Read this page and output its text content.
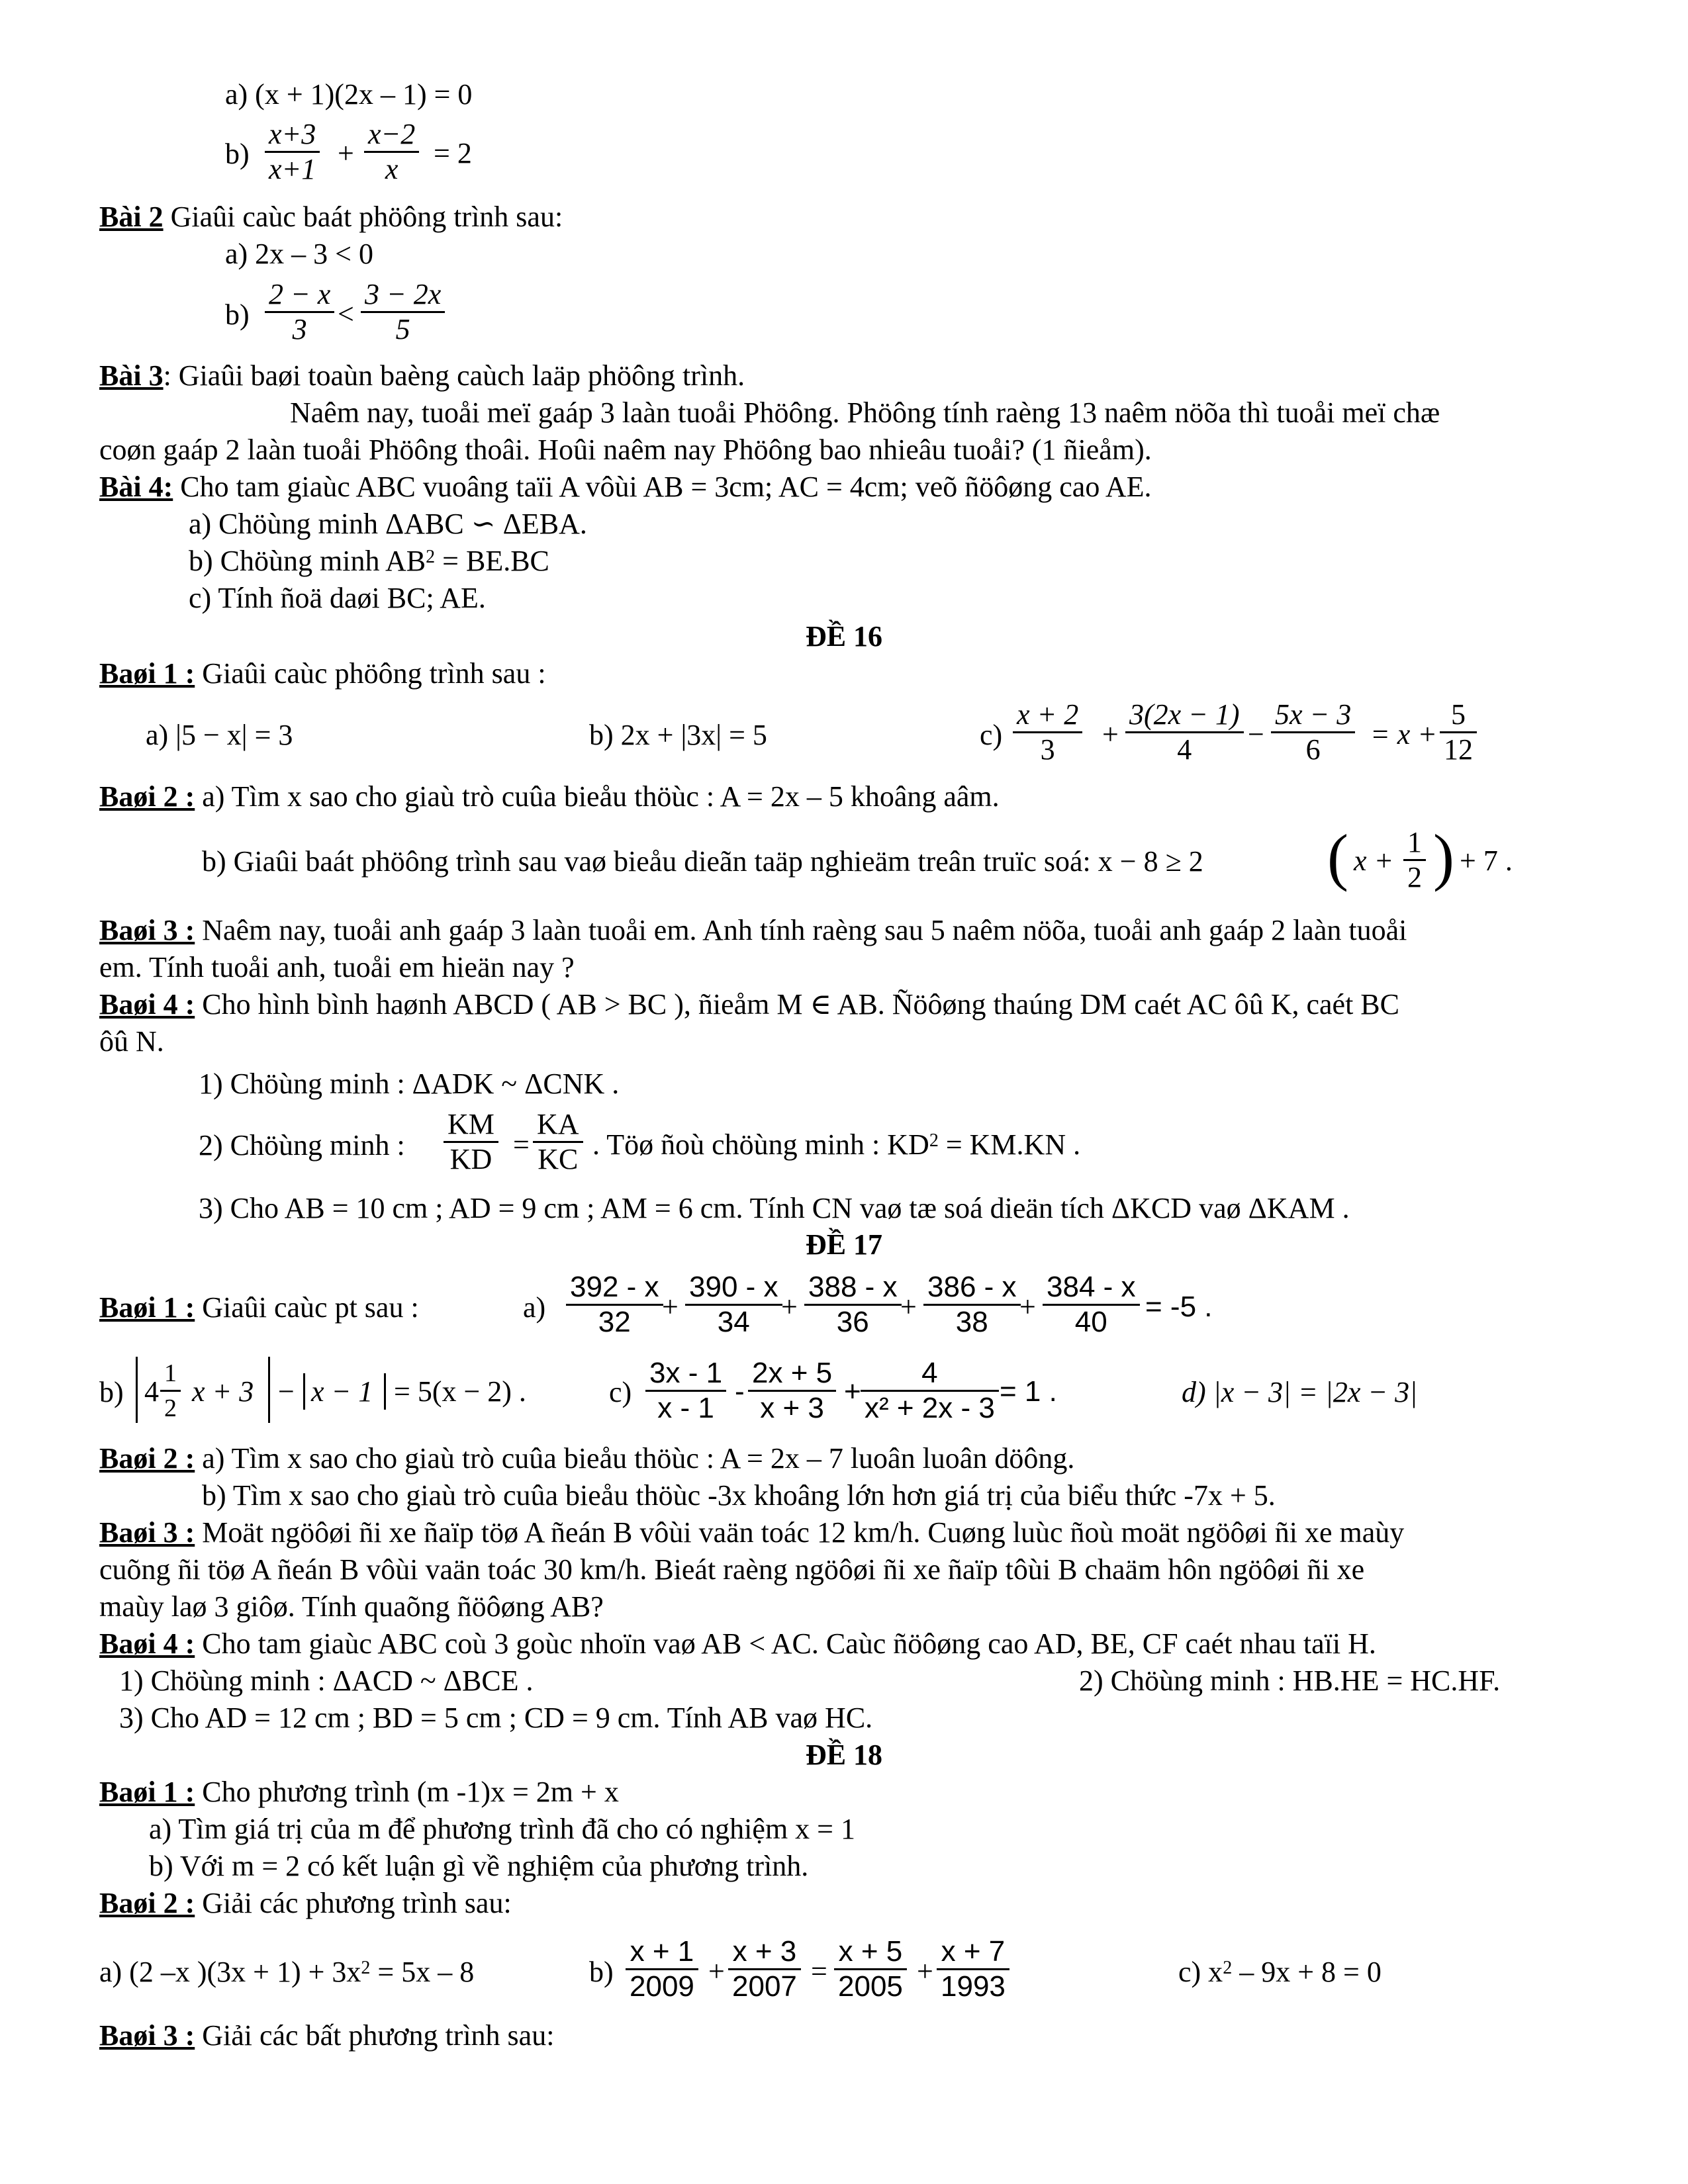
a) (x + 1)(2x – 1) = 0
$b) \frac{x+3}{x+1} + \frac{x-2}{x} = 2$
Bài 2 Giaûi caùc baát phöông trình sau:
a) 2x – 3 < 0
$b) \frac{2 - x}{3} < \frac{3 - 2x}{5}$
Bài 3: Giaûi baøi toaùn baèng caùch laäp phöông trình.
Naêm nay, tuoåi meï gaáp 3 laàn tuoåi Phöông. Phöông tính raèng 13 naêm nöõa thì tuoåi meï chæ
coøn gaáp 2 laàn tuoåi Phöông thoâi. Hoûi naêm nay Phöông bao nhieâu tuoåi? (1 ñieåm).
Bài 4: Cho tam giaùc ABC vuoâng taïi A vôùi AB = 3cm; AC = 4cm; veõ ñöôøng cao AE.
a) Chöùng minh ΔABC ∽ ΔEBA.
b) Chöùng minh $AB^2 = BE.BC$
c) Tính ñoä daøi BC; AE.
ĐỀ 16
Baøi 1 : Giaûi caùc phöông trình sau :
a) |5 − x| = 3	b) 2x + |3x| = 5	$c) \frac{x + 2}{3} + \frac{3(2x - 1)}{4} - \frac{5x - 3}{6} = x + \frac{5}{12}$
Baøi 2 : a) Tìm x sao cho giaù trò cuûa bieåu thöùc : A = 2x – 5 khoâng aâm.
b) Giaûi baát phöông trình sau vaø bieåu dieãn taäp nghieäm treân truïc soá: x − 8 ≥ 2 ( $x + \frac{1}{2}$ ) + 7 .
Baøi 3 : Naêm nay, tuoåi anh gaáp 3 laàn tuoåi em. Anh tính raèng sau 5 naêm nöõa, tuoåi anh gaáp 2 laàn tuoåi
em. Tính tuoåi anh, tuoåi em hieän nay ?
Baøi 4 : Cho hình bình haønh ABCD ( AB > BC ), ñieåm M ∈ AB. Ñöôøng thaúng DM caét AC ôû K, caét BC
ôû N.
1) Chöùng minh : ΔADK ~ ΔCNK .
2) Chöùng minh : $\frac{KM}{KD} = \frac{KA}{KC}$ . Töø ñoù chöùng minh : $KD^2 = KM.KN$ .
3) Cho AB = 10 cm ; AD = 9 cm ; AM = 6 cm. Tính CN vaø tæ soá dieän tích ΔKCD vaø ΔKAM .
ĐỀ 17
Baøi 1 : Giaûi caùc pt sau :	$a) \frac{392 - x}{32}$
+ $\frac{390 - x}{34}$
+ $\frac{388 - x}{36}$
+ $\frac{386 - x}{38}$
+ $\frac{384 - x}{40} = -5$ .
b) $4 \frac{1}{2}$ x + 3 − x − 1 = 5(x − 2) .	$c) \frac{3x - 1}{x - 1} - \frac{2x + 5}{x + 3} + \frac{4}{\text{x² + 2x - 3}} = 1$ .	d) |x − 3| = |2x − 3|
Baøi 2 : a) Tìm x sao cho giaù trò cuûa bieåu thöùc : A = 2x – 7 luoân luoân döông.
b) Tìm x sao cho giaù trò cuûa bieåu thöùc -3x khoâng lớn hơn giá trị của biểu thức -7x + 5.
Baøi 3 : Moät ngöôøi ñi xe ñaïp töø A ñeán B vôùi vaän toác 12 km/h. Cuøng luùc ñoù moät ngöôøi ñi xe maùy
cuõng ñi töø A ñeán B vôùi vaän toác 30 km/h. Bieát raèng ngöôøi ñi xe ñaïp tôùi B chaäm hôn ngöôøi ñi xe
maùy laø 3 giôø. Tính quaõng ñöôøng AB?
Baøi 4 : Cho tam giaùc ABC coù 3 goùc nhoïn vaø AB < AC. Caùc ñöôøng cao AD, BE, CF caét nhau taïi H.
1) Chöùng minh : ΔACD ~ ΔBCE .	2) Chöùng minh : HB.HE = HC.HF.
3) Cho AD = 12 cm ; BD = 5 cm ; CD = 9 cm. Tính AB vaø HC.
ĐỀ 18
Baøi 1 : Cho phương trình (m -1)x = 2m + x
a) Tìm giá trị của m để phương trình đã cho có nghiệm x = 1
b) Với m = 2 có kết luận gì về nghiệm của phương trình.
Baøi 2 : Giải các phương trình sau:
a) (2 –x )$(3x + 1) + 3x^2 = 5x - 8$	$b) \frac{x + 1}{2009} + \frac{x + 3}{2007} = \frac{x + 5}{2005} + \frac{x + 7}{1993}$	c) $x^2 - 9x + 8 = 0$
Baøi 3 : Giải các bất phương trình sau:
